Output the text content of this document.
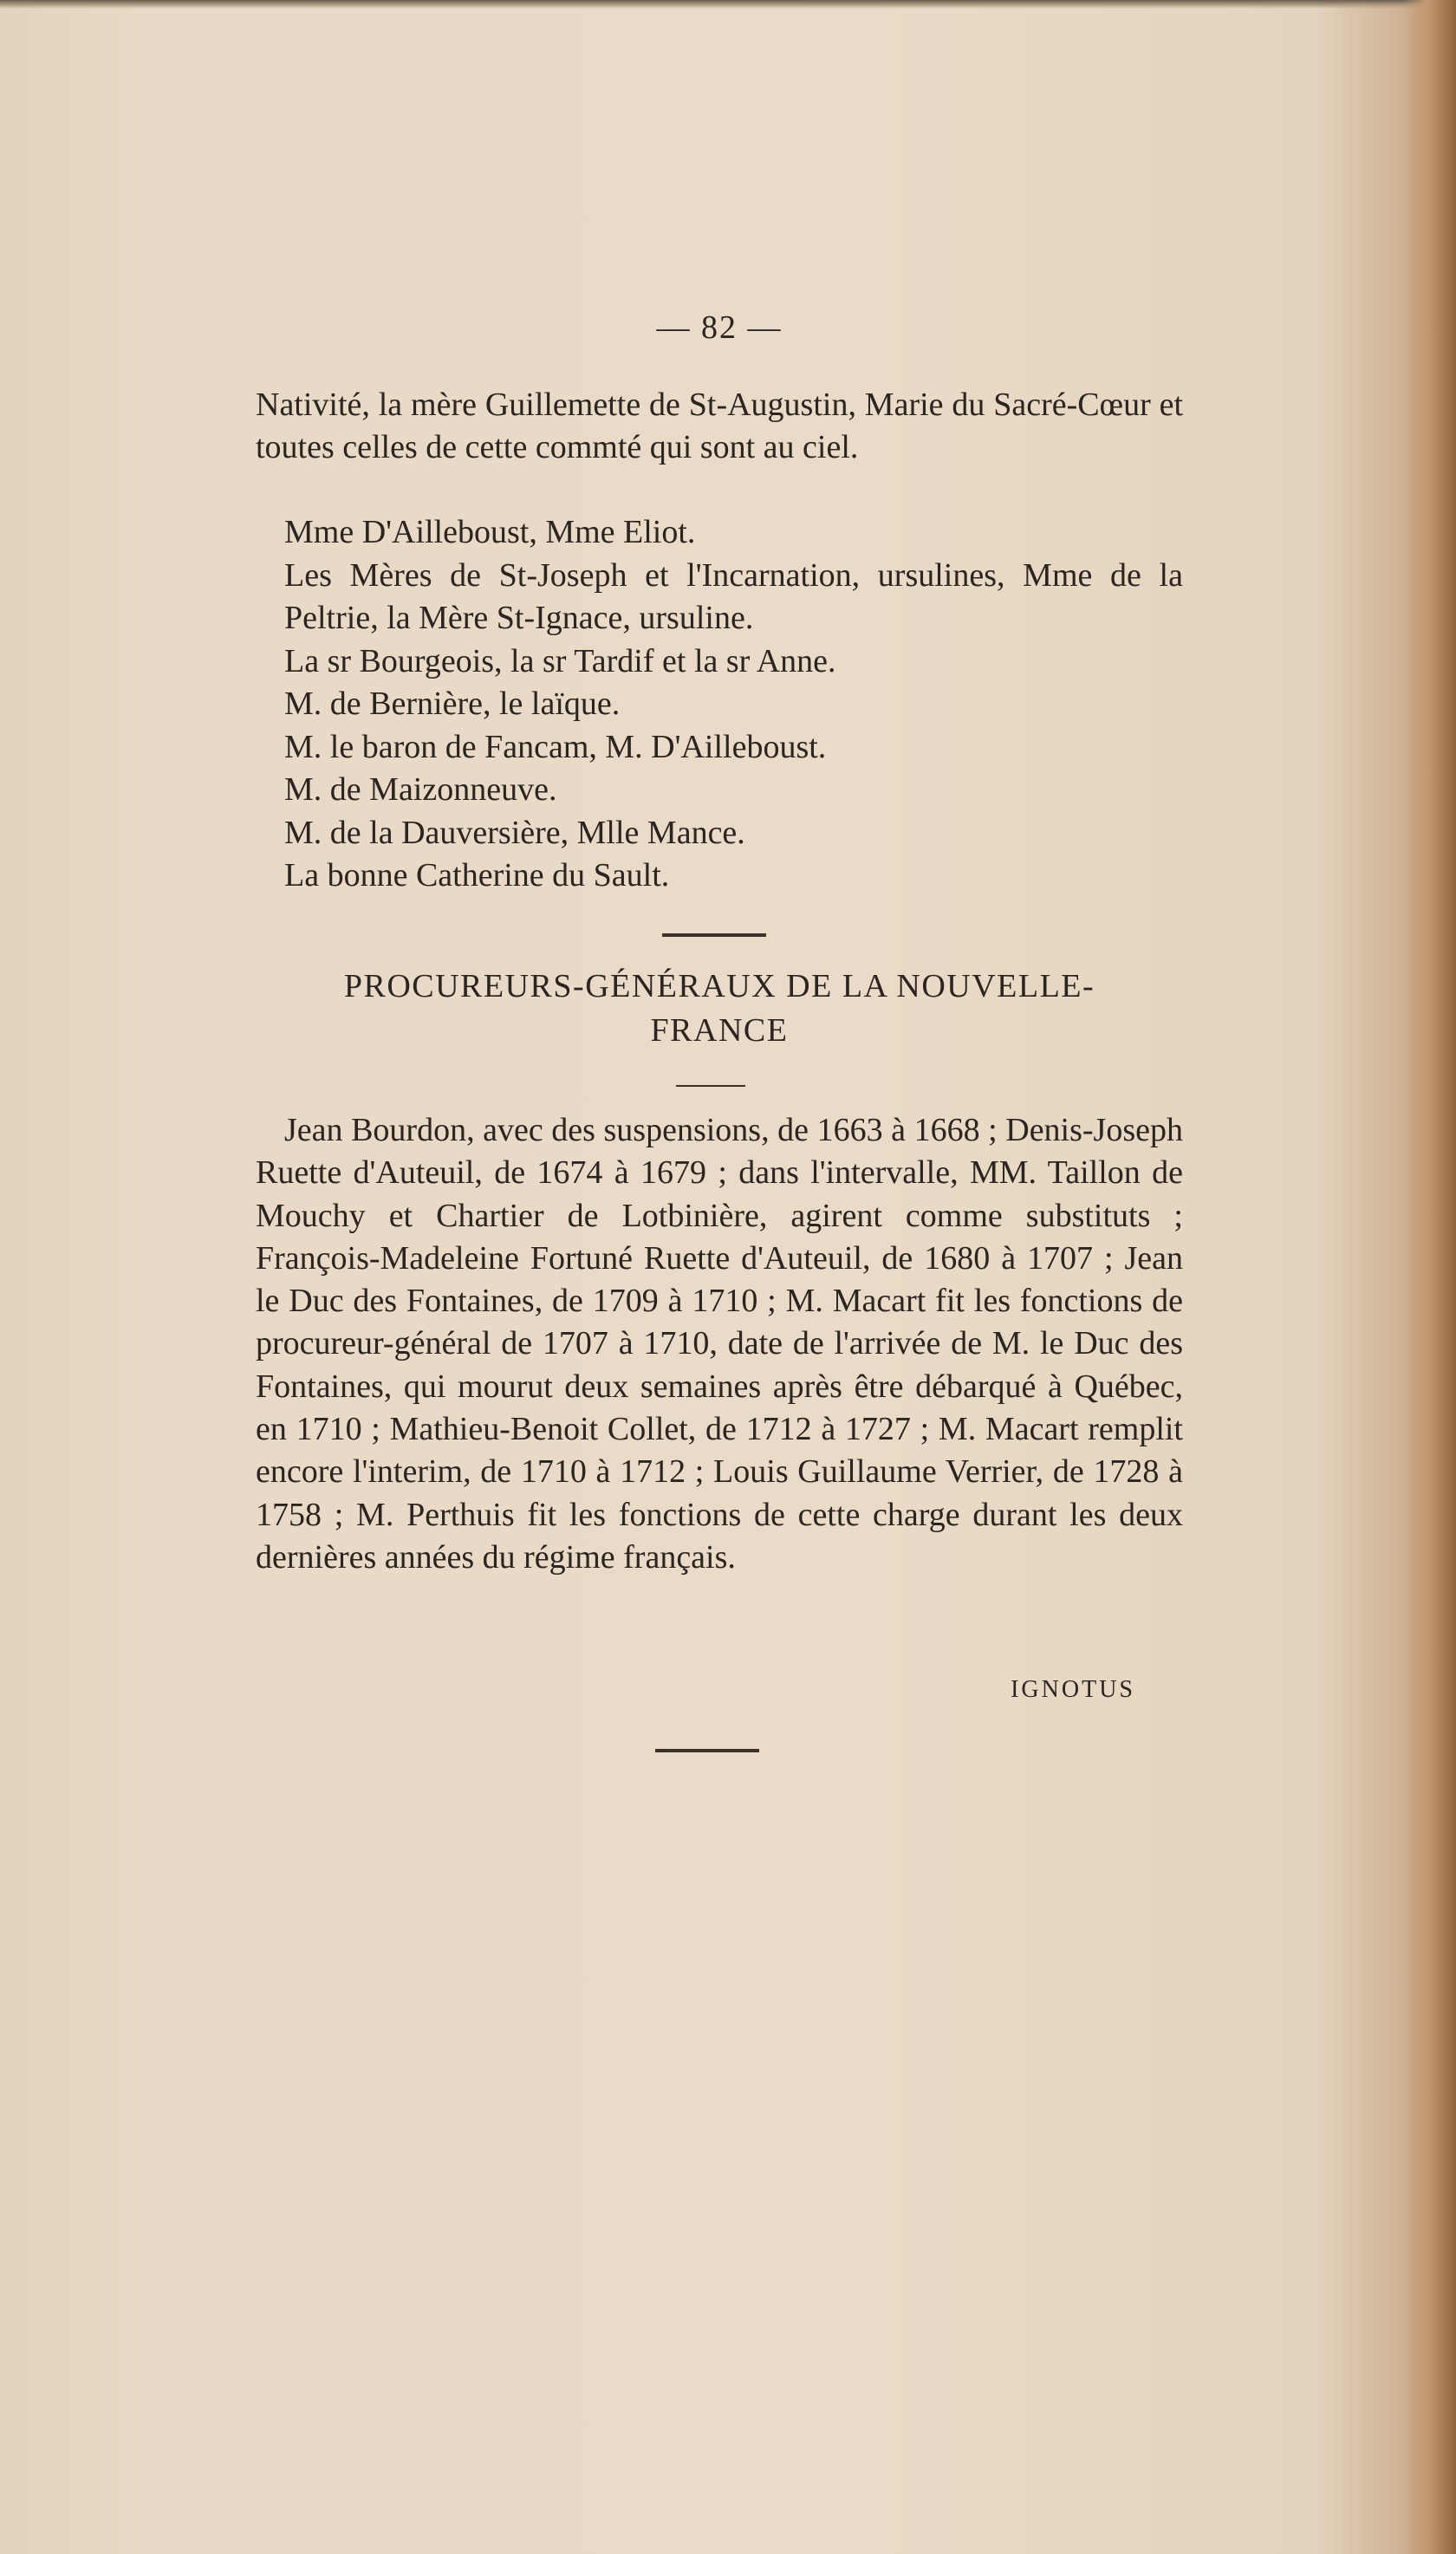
— 82 —

Nativité, la mère Guillemette de St-Augustin, Marie du Sacré-Cœur et toutes celles de cette commté qui sont au ciel.

Mme D'Ailleboust, Mme Eliot.

Les Mères de St-Joseph et l'Incarnation, ursulines, Mme de la Peltrie, la Mère St-Ignace, ursuline.

La sr Bourgeois, la sr Tardif et la sr Anne.

M. de Bernière, le laïque.

M. le baron de Fancam, M. D'Ailleboust.

M. de Maizonneuve.

M. de la Dauversière, Mlle Mance.

La bonne Catherine du Sault.

PROCUREURS-GÉNÉRAUX DE LA NOUVELLE-
FRANCE

Jean Bourdon, avec des suspensions, de 1663 à 1668 ; Denis-Joseph Ruette d'Auteuil, de 1674 à 1679 ; dans l'intervalle, MM. Taillon de Mouchy et Chartier de Lotbinière, agirent comme substituts ; François-Madeleine Fortuné Ruette d'Auteuil, de 1680 à 1707 ; Jean le Duc des Fontaines, de 1709 à 1710 ; M. Macart fit les fonctions de procureur-général de 1707 à 1710, date de l'arrivée de M. le Duc des Fontaines, qui mourut deux semaines après être débarqué à Québec, en 1710 ; Mathieu-Benoit Collet, de 1712 à 1727 ; M. Macart remplit encore l'interim, de 1710 à 1712 ; Louis Guillaume Verrier, de 1728 à 1758 ; M. Perthuis fit les fonctions de cette charge durant les deux dernières années du régime français.

IGNOTUS
